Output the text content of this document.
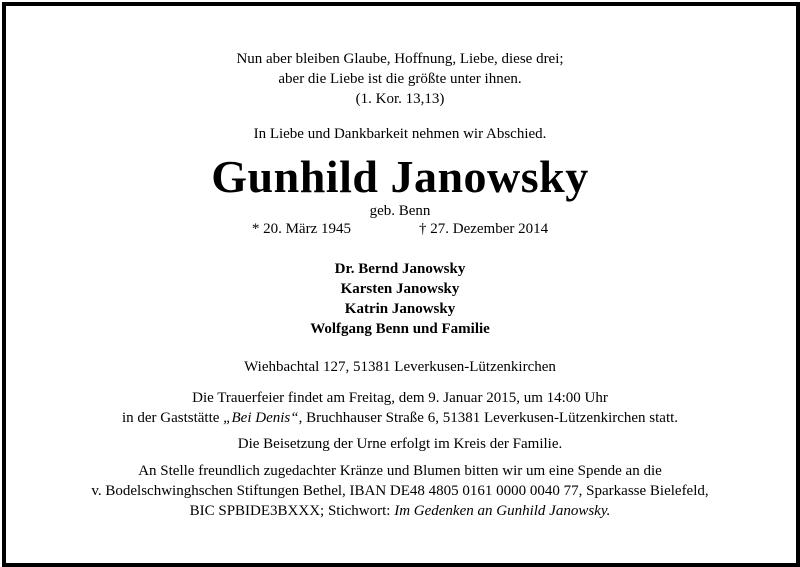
Nun aber bleiben Glaube, Hoffnung, Liebe, diese drei;
aber die Liebe ist die größte unter ihnen.
(1. Kor. 13,13)
In Liebe und Dankbarkeit nehmen wir Abschied.
Gunhild Janowsky
geb. Benn
* 20. März 1945	† 27. Dezember 2014
Dr. Bernd Janowsky
Karsten Janowsky
Katrin Janowsky
Wolfgang Benn und Familie
Wiehbachtal 127, 51381 Leverkusen-Lützenkirchen
Die Trauerfeier findet am Freitag, dem 9. Januar 2015, um 14:00 Uhr
in der Gaststätte „Bei Denis“, Bruchhauser Straße 6, 51381 Leverkusen-Lützenkirchen statt.
Die Beisetzung der Urne erfolgt im Kreis der Familie.
An Stelle freundlich zugedachter Kränze und Blumen bitten wir um eine Spende an die
v. Bodelschwinghschen Stiftungen Bethel, IBAN DE48 4805 0161 0000 0040 77, Sparkasse Bielefeld,
BIC SPBIDE3BXXX; Stichwort: Im Gedenken an Gunhild Janowsky.
